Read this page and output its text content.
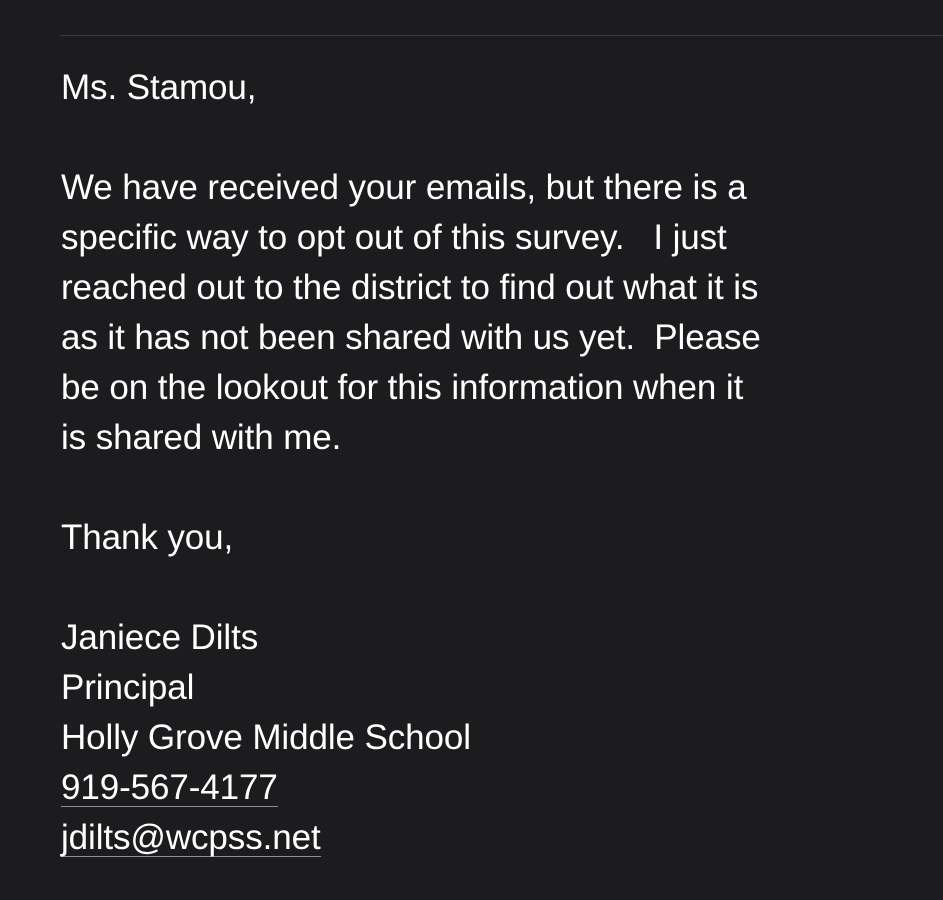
Ms. Stamou,
We have received your emails, but there is a
specific way to opt out of this survey.   I just
reached out to the district to find out what it is
as it has not been shared with us yet.  Please
be on the lookout for this information when it
is shared with me.
Thank you,
Janiece Dilts
Principal
Holly Grove Middle School
919-567-4177
jdilts@wcpss.net
